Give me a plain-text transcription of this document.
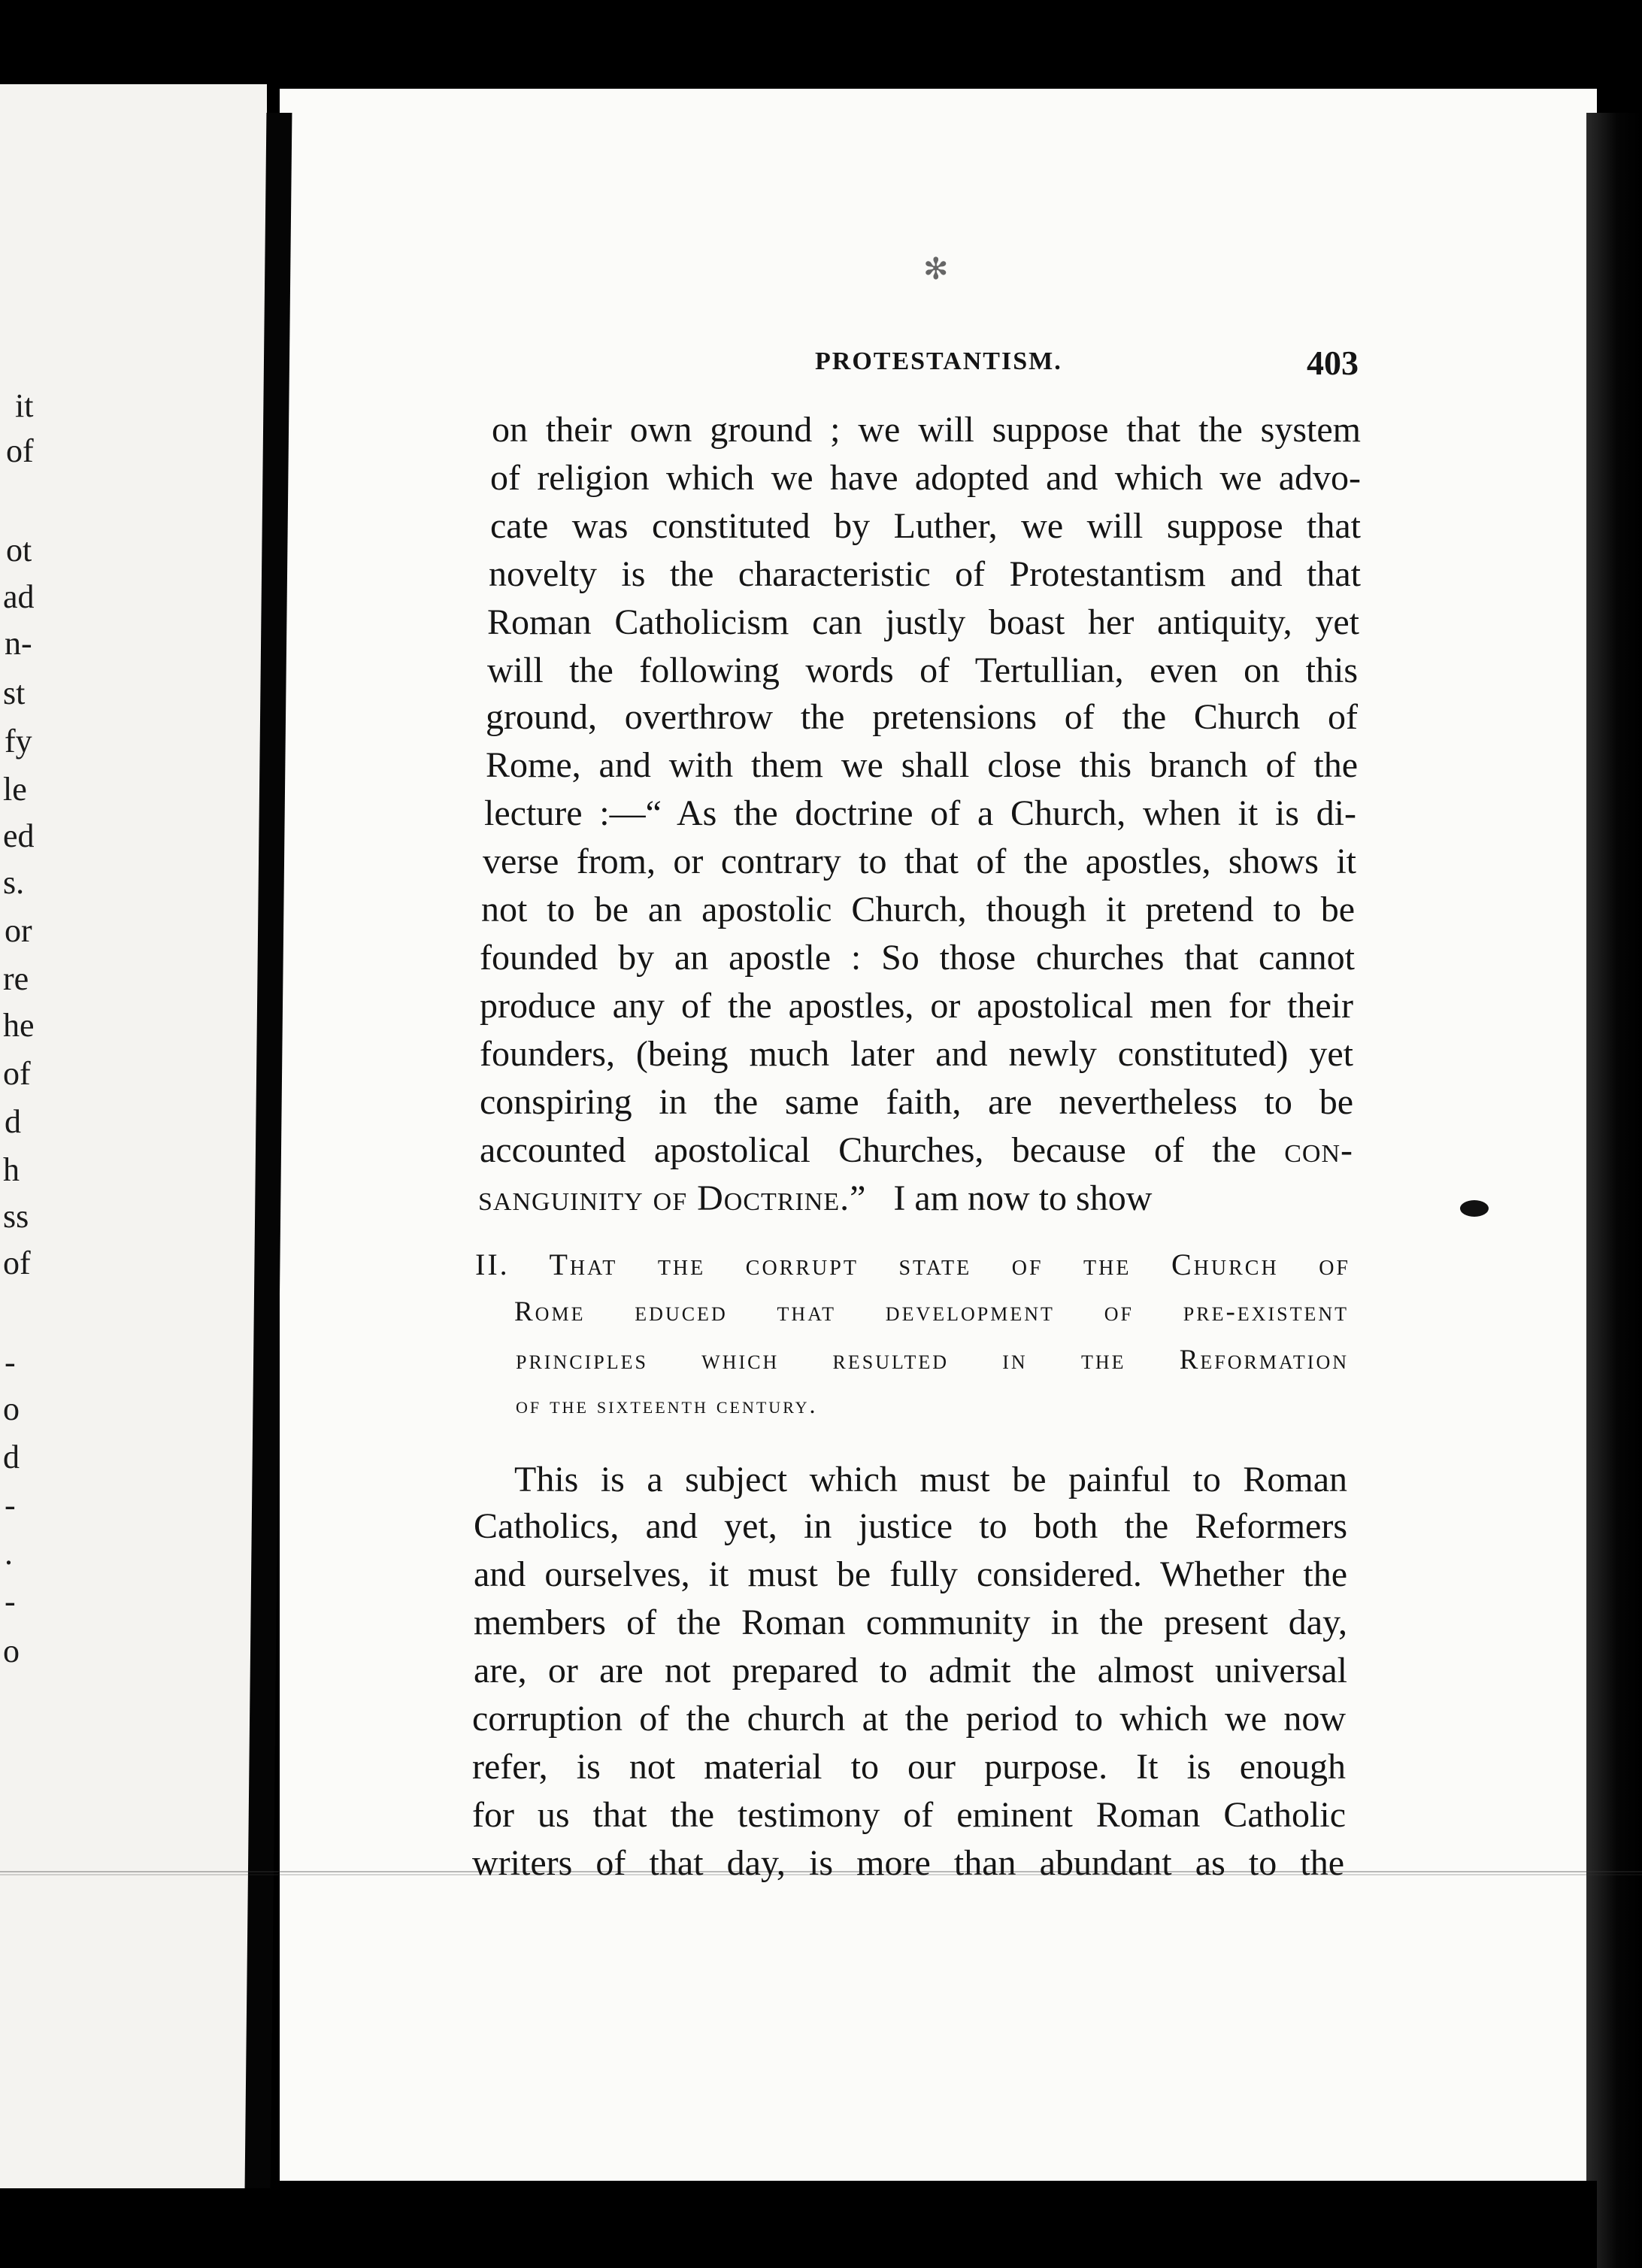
✻
it
of
ot
ad
n-
st
fy
le
ed
s.
or
re
he
of
d
h
ss
of
-
o
d
-
.
-
o
PROTESTANTISM.	403
on their own ground ; we will suppose that the system
of religion which we have adopted and which we advo-
cate was constituted by Luther, we will suppose that
novelty is the characteristic of Protestantism and that
Roman Catholicism can justly boast her antiquity, yet
will the following words of Tertullian, even on this
ground, overthrow the pretensions of the Church of
Rome, and with them we shall close this branch of the
lecture :—“ As the doctrine of a Church, when it is di-
verse from, or contrary to that of the apostles, shows it
not to be an apostolic Church, though it pretend to be
founded by an apostle : So those churches that cannot
produce any of the apostles, or apostolical men for their
founders, (being much later and newly constituted) yet
conspiring in the same faith, are nevertheless to be
accounted apostolical Churches, because of the con-
sanguinity of Doctrine.” I am now to show
II. That the corrupt state of the Church of
Rome educed that development of pre-existent
principles which resulted in the Reformation
of the sixteenth century.
This is a subject which must be painful to Roman
Catholics, and yet, in justice to both the Reformers
and ourselves, it must be fully considered. Whether the
members of the Roman community in the present day,
are, or are not prepared to admit the almost universal
corruption of the church at the period to which we now
refer, is not material to our purpose. It is enough
for us that the testimony of eminent Roman Catholic
writers of that day, is more than abundant as to the
